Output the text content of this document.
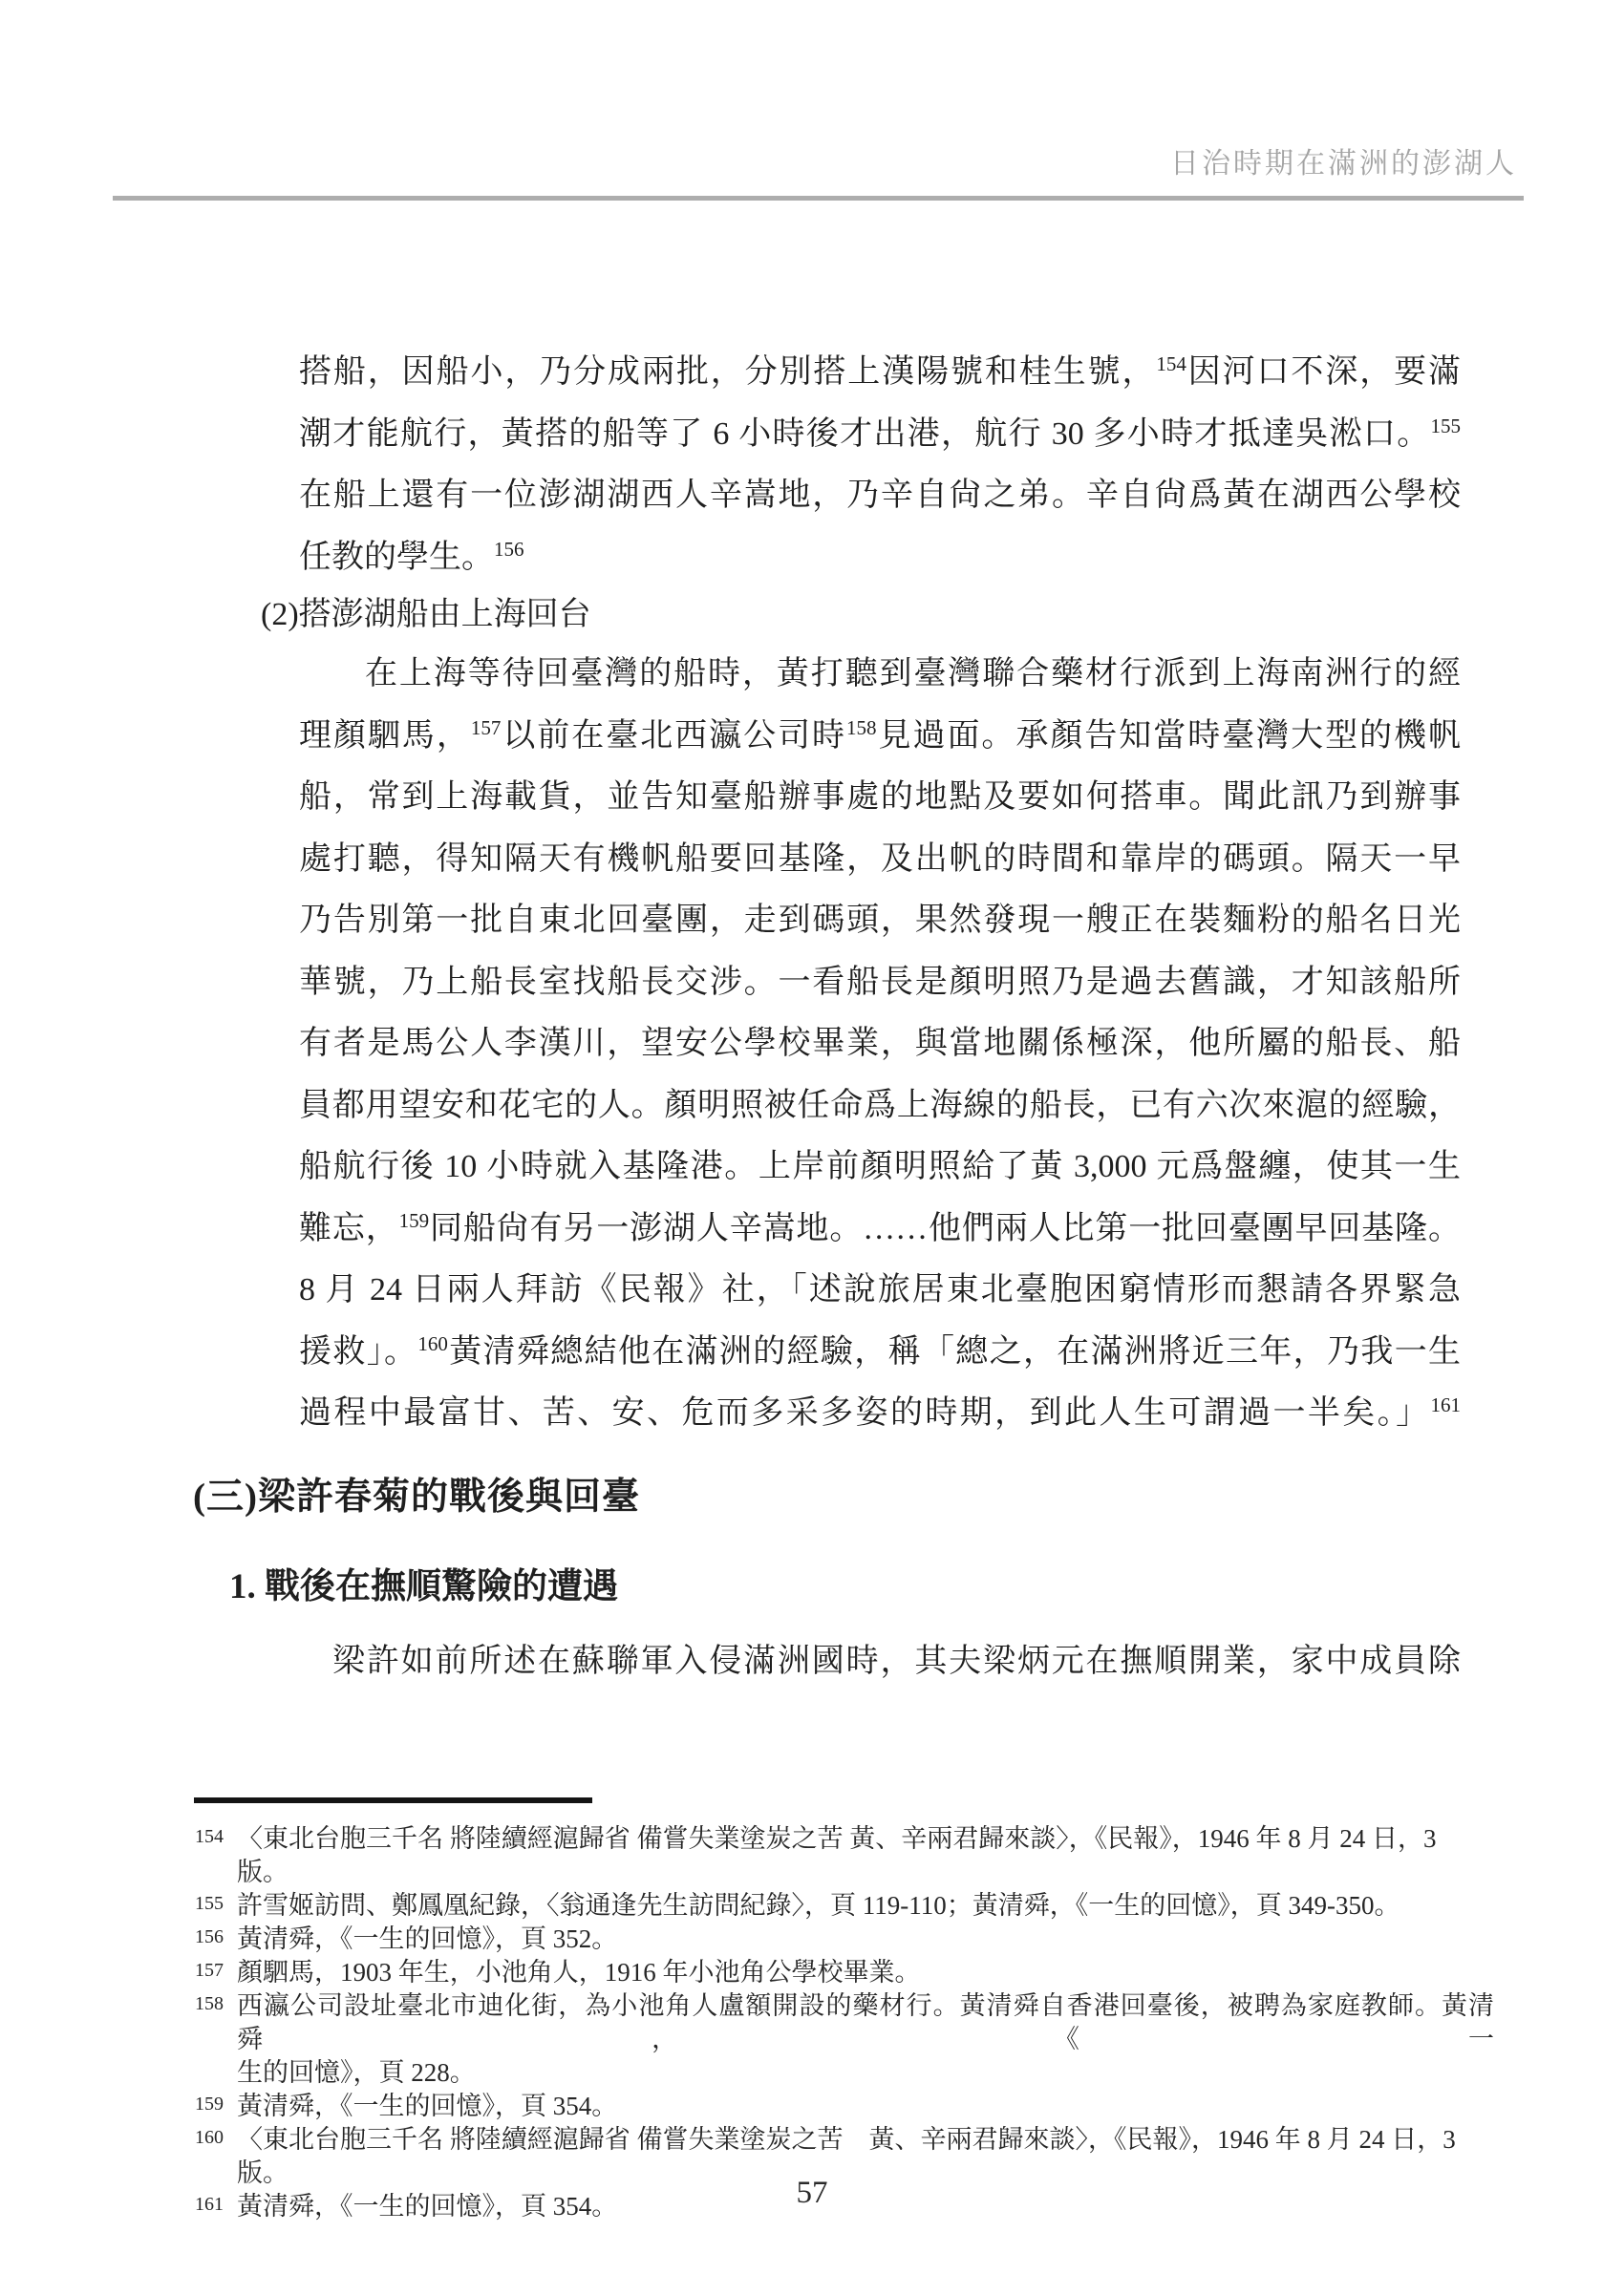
日治時期在滿洲的澎湖人
搭船，因船小，乃分成兩批，分別搭上漢陽號和桂生號，$^{154}$因河口不深，要滿
潮才能航行，黃搭的船等了 6 小時後才出港，航行 30 多小時才抵達吳淞口。$^{155}$
在船上還有一位澎湖湖西人辛嵩地，乃辛自尙之弟。辛自尙爲黃在湖西公學校
任教的學生。$^{156}$
(2)搭澎湖船由上海回台
在上海等待回臺灣的船時，黃打聽到臺灣聯合藥材行派到上海南洲行的經
理顏駟馬，$^{157}$以前在臺北西瀛公司時$^{158}$見過面。承顏告知當時臺灣大型的機帆
船，常到上海載貨，並告知臺船辦事處的地點及要如何搭車。聞此訊乃到辦事
處打聽，得知隔天有機帆船要回基隆，及出帆的時間和靠岸的碼頭。隔天一早
乃告別第一批自東北回臺團，走到碼頭，果然發現一艘正在裝麵粉的船名日光
華號，乃上船長室找船長交涉。一看船長是顏明照乃是過去舊識，才知該船所
有者是馬公人李漢川，望安公學校畢業，與當地關係極深，他所屬的船長、船
員都用望安和花宅的人。顏明照被任命爲上海線的船長，已有六次來滬的經驗，
船航行後 10 小時就入基隆港。上岸前顏明照給了黃 3,000 元爲盤纏，使其一生
難忘，$^{159}$同船尙有另一澎湖人辛嵩地。……他們兩人比第一批回臺團早回基隆。
8 月 24 日兩人拜訪《民報》社，「述說旅居東北臺胞困窮情形而懇請各界緊急
援救」。$^{160}$黃清舜總結他在滿洲的經驗，稱「總之，在滿洲將近三年，乃我一生
過程中最富甘、苦、安、危而多采多姿的時期，到此人生可謂過一半矣。」$^{161}$
(三)梁許春菊的戰後與回臺
1. 戰後在撫順驚險的遭遇
梁許如前所述在蘇聯軍入侵滿洲國時，其夫梁炳元在撫順開業，家中成員除
154 〈東北台胞三千名 將陸續經滬歸省 備嘗失業塗炭之苦 黃、辛兩君歸來談〉，《民報》，1946 年 8 月 24 日，3 版。
155 許雪姬訪問、鄭鳳凰紀錄，〈翁通逢先生訪問紀錄〉，頁 119-110；黃清舜，《一生的回憶》，頁 349-350。
156 黃清舜，《一生的回憶》，頁 352。
157 顏駟馬，1903 年生，小池角人，1916 年小池角公學校畢業。
158 西瀛公司設址臺北市迪化街，為小池角人盧額開設的藥材行。黃清舜自香港回臺後，被聘為家庭教師。黃清舜，《一
生的回憶》，頁 228。
159 黃清舜，《一生的回憶》，頁 354。
160 〈東北台胞三千名 將陸續經滬歸省 備嘗失業塗炭之苦　黃、辛兩君歸來談〉，《民報》，1946 年 8 月 24 日，3 版。
161 黃清舜，《一生的回憶》，頁 354。	57
